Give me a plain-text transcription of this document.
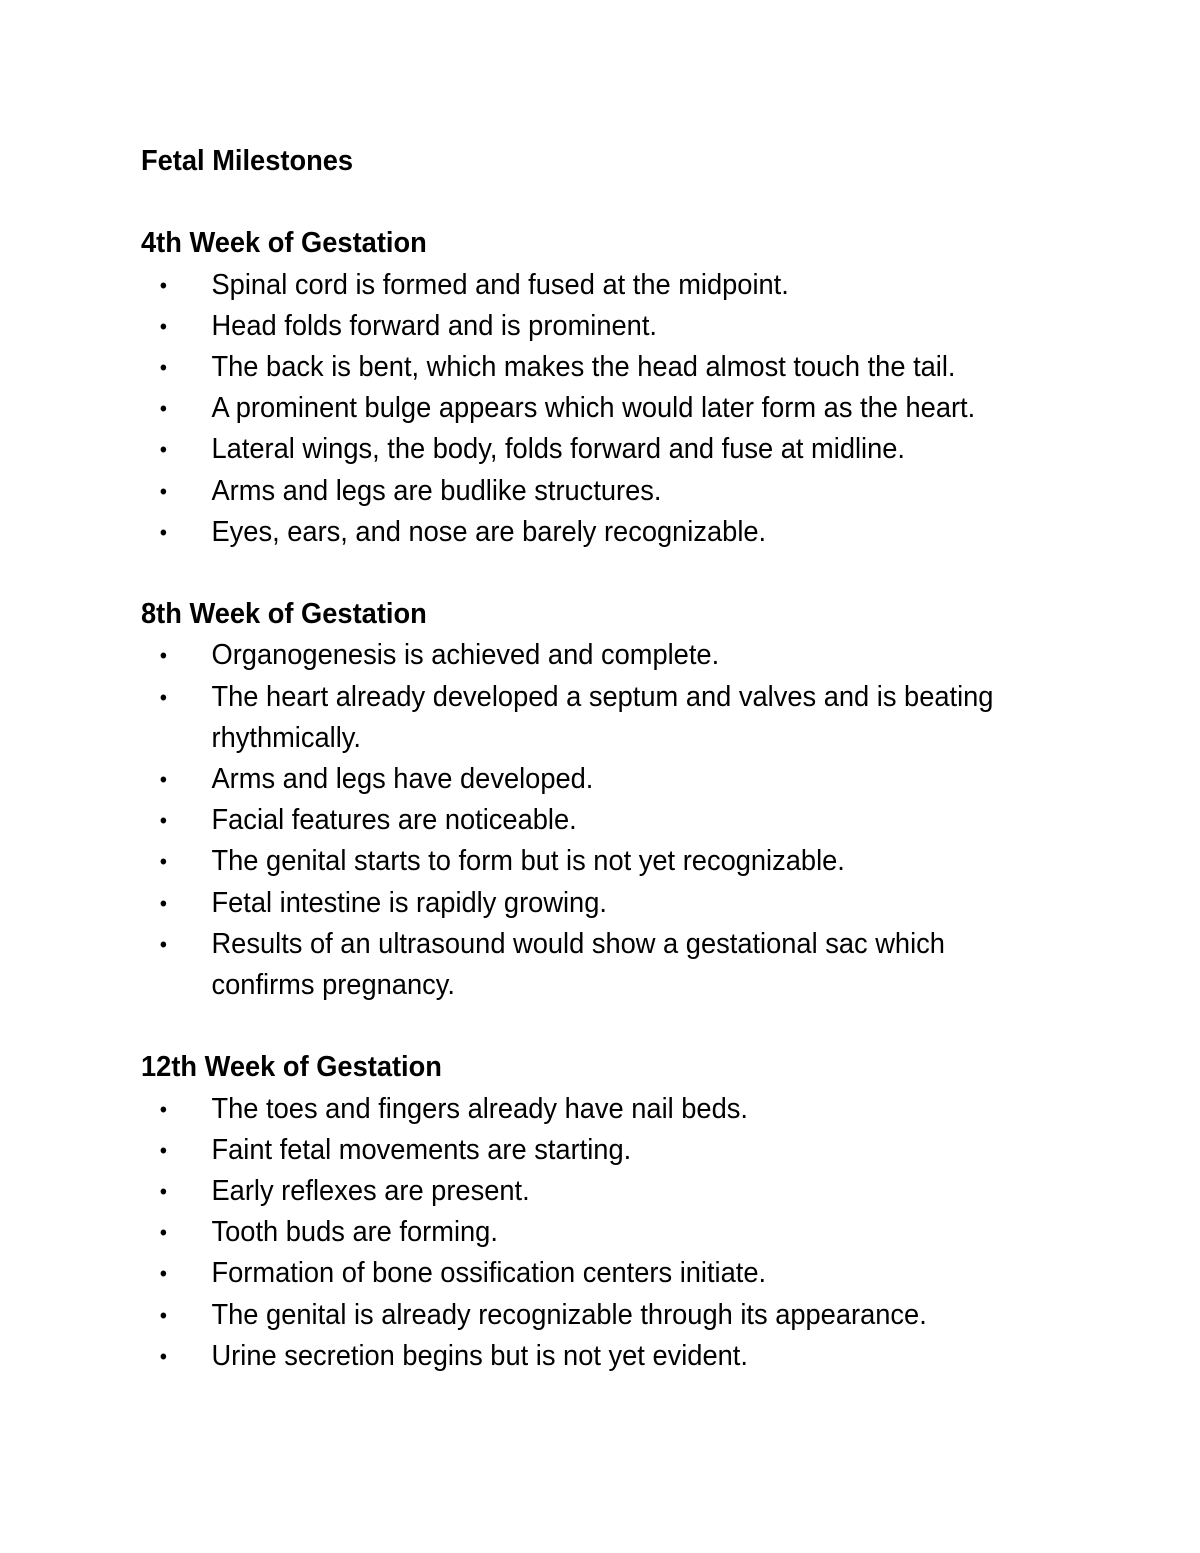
Fetal Milestones
4th Week of Gestation
• Spinal cord is formed and fused at the midpoint.
• Head folds forward and is prominent.
• The back is bent, which makes the head almost touch the tail.
• A prominent bulge appears which would later form as the heart.
• Lateral wings, the body, folds forward and fuse at midline.
• Arms and legs are budlike structures.
• Eyes, ears, and nose are barely recognizable.
8th Week of Gestation
• Organogenesis is achieved and complete.
• The heart already developed a septum and valves and is beating rhythmically.
• Arms and legs have developed.
• Facial features are noticeable.
• The genital starts to form but is not yet recognizable.
• Fetal intestine is rapidly growing.
• Results of an ultrasound would show a gestational sac which confirms pregnancy.
12th Week of Gestation
• The toes and fingers already have nail beds.
• Faint fetal movements are starting.
• Early reflexes are present.
• Tooth buds are forming.
• Formation of bone ossification centers initiate.
• The genital is already recognizable through its appearance.
• Urine secretion begins but is not yet evident.
